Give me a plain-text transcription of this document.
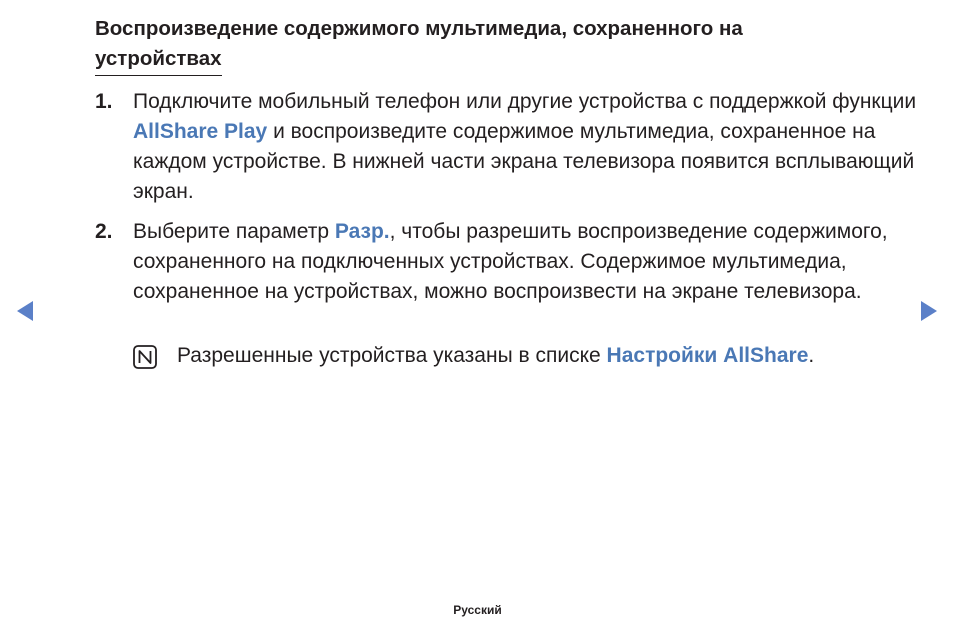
Воспроизведение содержимого мультимедиа, сохраненного на
устройствах
1. Подключите мобильный телефон или другие устройства с поддержкой функции AllShare Play и воспроизведите содержимое мультимедиа, сохраненное на каждом устройстве. В нижней части экрана телевизора появится всплывающий экран.
2. Выберите параметр Разр., чтобы разрешить воспроизведение содержимого, сохраненного на подключенных устройствах. Содержимое мультимедиа, сохраненное на устройствах, можно воспроизвести на экране телевизора.
Разрешенные устройства указаны в списке Настройки AllShare.
Русский
